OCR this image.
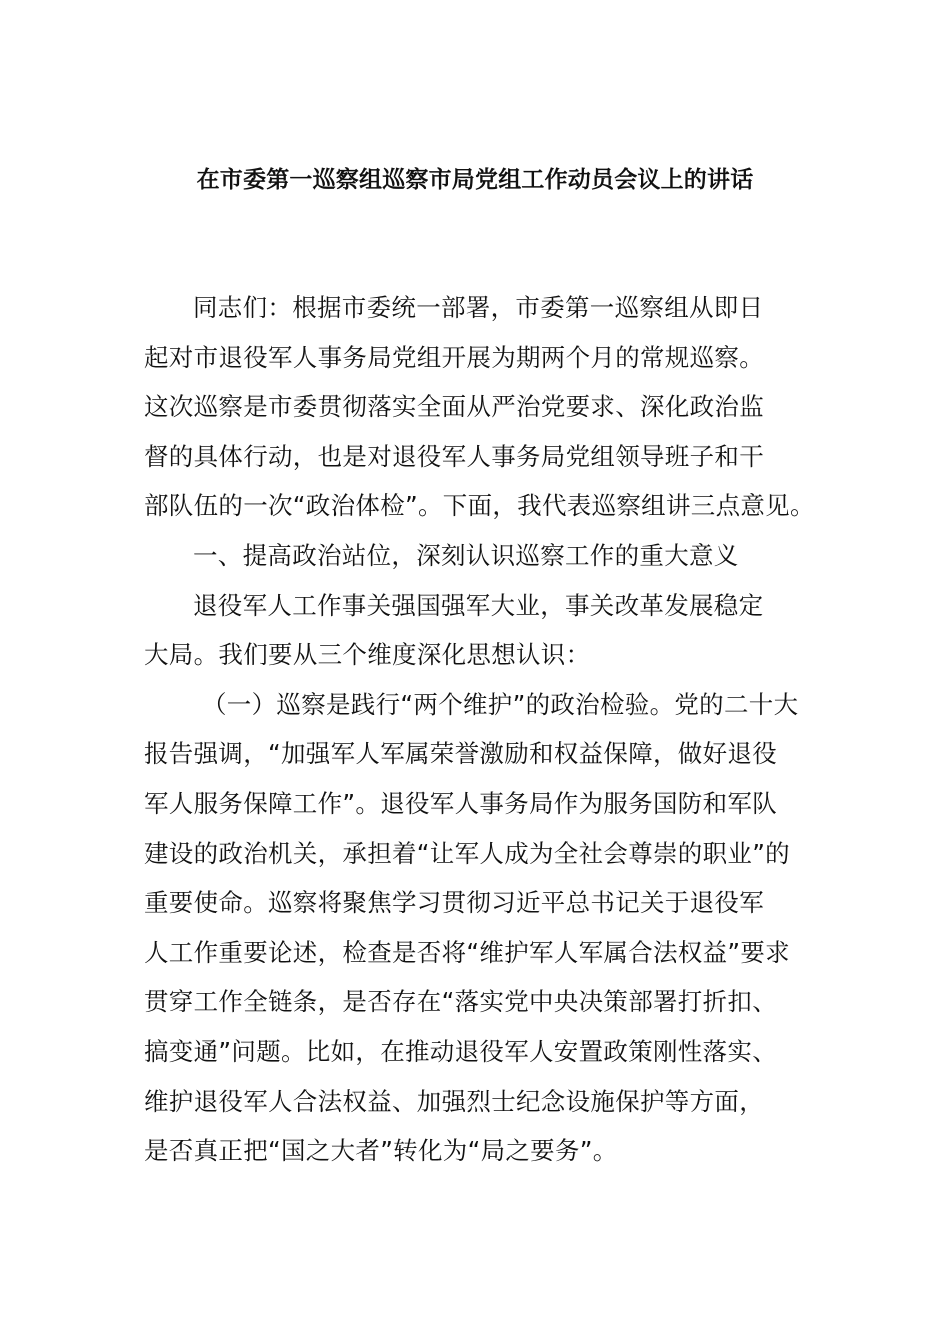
在市委第一巡察组巡察市局党组工作动员会议上的讲话
同志们：根据市委统一部署，市委第一巡察组从即日
起对市退役军人事务局党组开展为期两个月的常规巡察。
这次巡察是市委贯彻落实全面从严治党要求、深化政治监
督的具体行动，也是对退役军人事务局党组领导班子和干
部队伍的一次“政治体检”。下面，我代表巡察组讲三点意见。
一、提高政治站位，深刻认识巡察工作的重大意义
退役军人工作事关强国强军大业，事关改革发展稳定
大局。我们要从三个维度深化思想认识：
（一）巡察是践行“两个维护”的政治检验。党的二十大
报告强调，“加强军人军属荣誉激励和权益保障，做好退役
军人服务保障工作”。退役军人事务局作为服务国防和军队
建设的政治机关，承担着“让军人成为全社会尊崇的职业”的
重要使命。巡察将聚焦学习贯彻习近平总书记关于退役军
人工作重要论述，检查是否将“维护军人军属合法权益”要求
贯穿工作全链条，是否存在“落实党中央决策部署打折扣、
搞变通”问题。比如，在推动退役军人安置政策刚性落实、
维护退役军人合法权益、加强烈士纪念设施保护等方面，
是否真正把“国之大者”转化为“局之要务”。
